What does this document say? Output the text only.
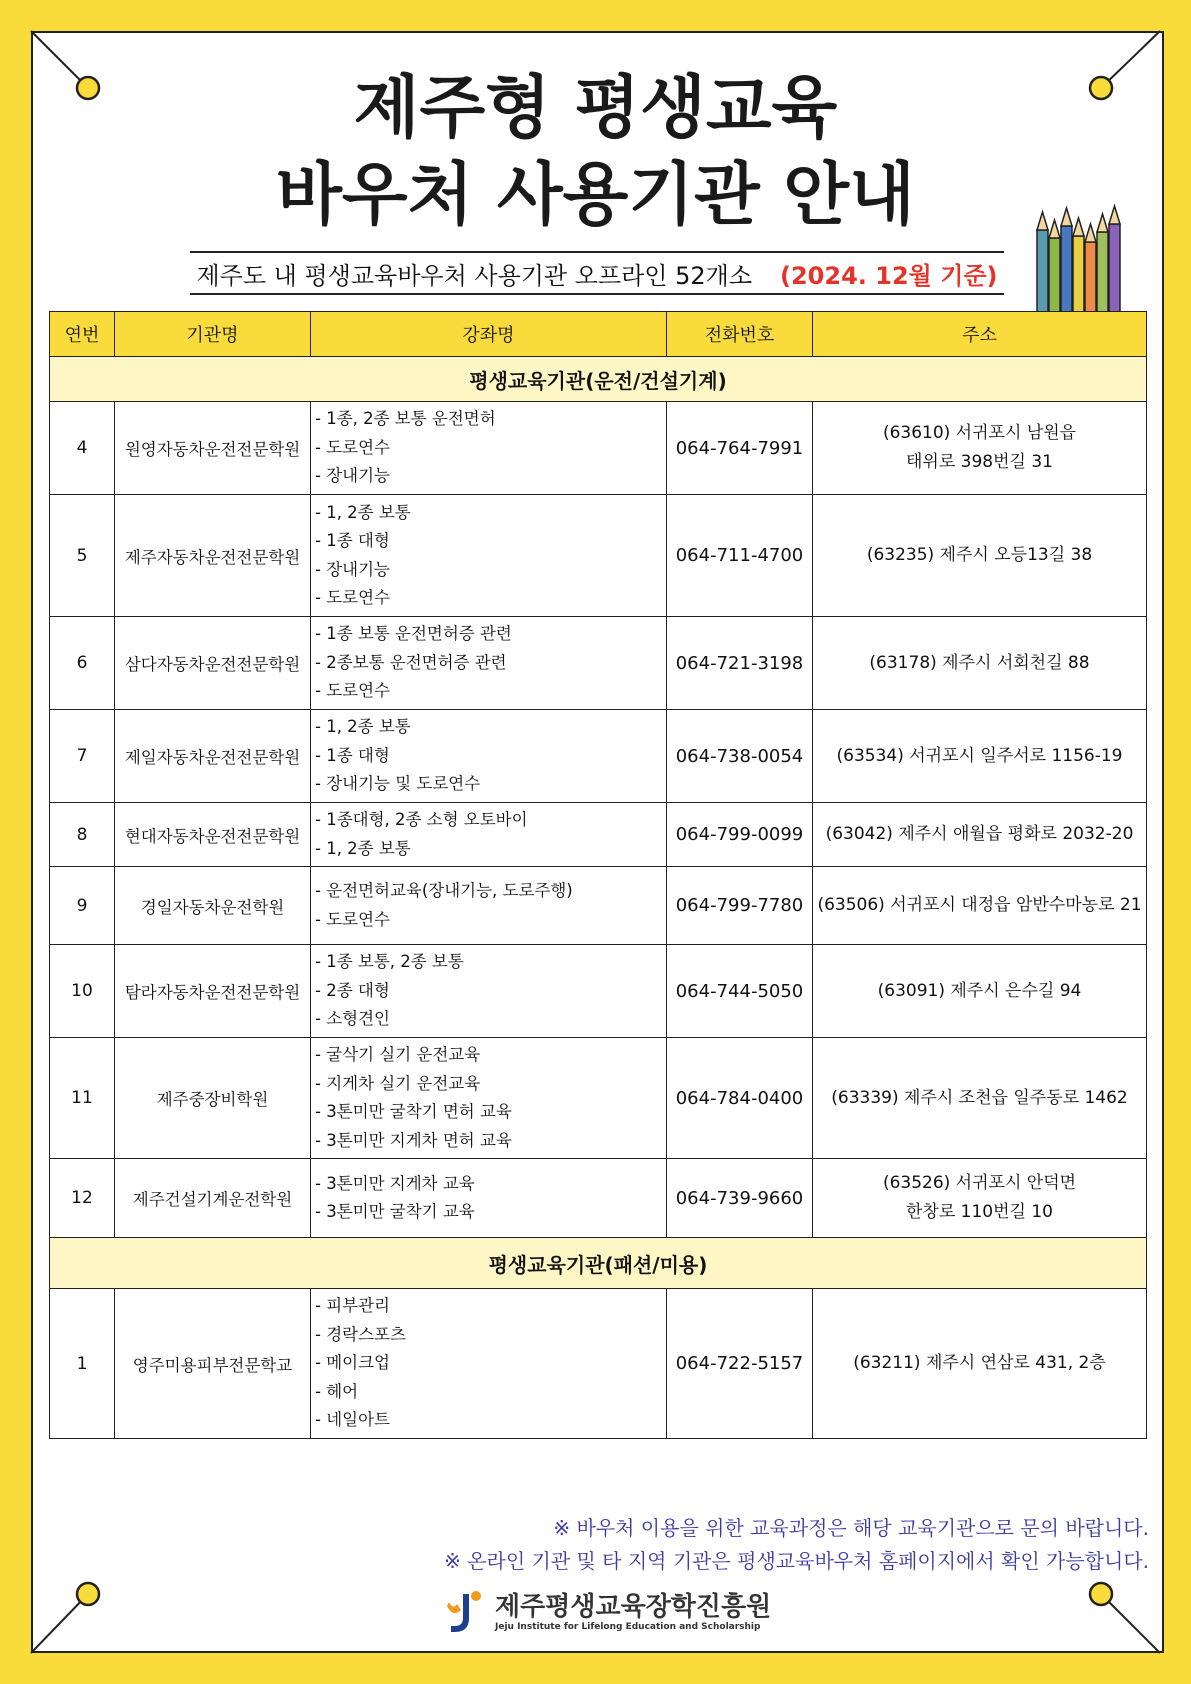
제주형 평생교육
바우처 사용기관 안내
제주도 내 평생교육바우처 사용기관 오프라인 52개소 (2024. 12월 기준)
연번	기관명	강좌명	전화번호	주소
평생교육기관(운전/건설기계)				
4	원영자동차운전전문학원	- 1종, 2종 보통 운전면허
- 도로연수
- 장내기능	064-764-7991	(63610) 서귀포시 남원읍
태위로 398번길 31

5	제주자동차운전전문학원	- 1, 2종 보통
- 1종 대형
- 장내기능
- 도로연수	064-711-4700	(63235) 제주시 오등13길 38
6	삼다자동차운전전문학원	- 1종 보통 운전면허증 관련
- 2종보통 운전면허증 관련
- 도로연수	064-721-3198	(63178) 제주시 서회천길 88
7	제일자동차운전전문학원	- 1, 2종 보통
- 1종 대형
- 장내기능 및 도로연수	064-738-0054	(63534) 서귀포시 일주서로 1156-19
8	현대자동차운전전문학원	- 1종대형, 2종 소형 오토바이
- 1, 2종 보통	064-799-0099	(63042) 제주시 애월읍 평화로 2032-20
9	경일자동차운전학원	- 운전면허교육(장내기능, 도로주행)
- 도로연수	064-799-7780	(63506) 서귀포시 대정읍 암반수마농로 21
10	탐라자동차운전전문학원	- 1종 보통, 2종 보통
- 2종 대형
- 소형견인	064-744-5050	(63091) 제주시 은수길 94
11	제주중장비학원	- 굴삭기 실기 운전교육
- 지게차 실기 운전교육
- 3톤미만 굴착기 면허 교육
- 3톤미만 지게차 면허 교육	064-784-0400	(63339) 제주시 조천읍 일주동로 1462
12	제주건설기계운전학원	- 3톤미만 지게차 교육
- 3톤미만 굴착기 교육	064-739-9660	(63526) 서귀포시 안덕면
한창로 110번길 10

평생교육기관(패션/미용)				
1	영주미용피부전문학교	- 피부관리
- 경락스포츠
- 메이크업
- 헤어
- 네일아트	064-722-5157	(63211) 제주시 연삼로 431, 2층
※ 바우처 이용을 위한 교육과정은 해당 교육기관으로 문의 바랍니다.
※ 온라인 기관 및 타 지역 기관은 평생교육바우처 홈페이지에서 확인 가능합니다.
제주평생교육장학진흥원
Jeju Institute for Lifelong Education and Scholarship
